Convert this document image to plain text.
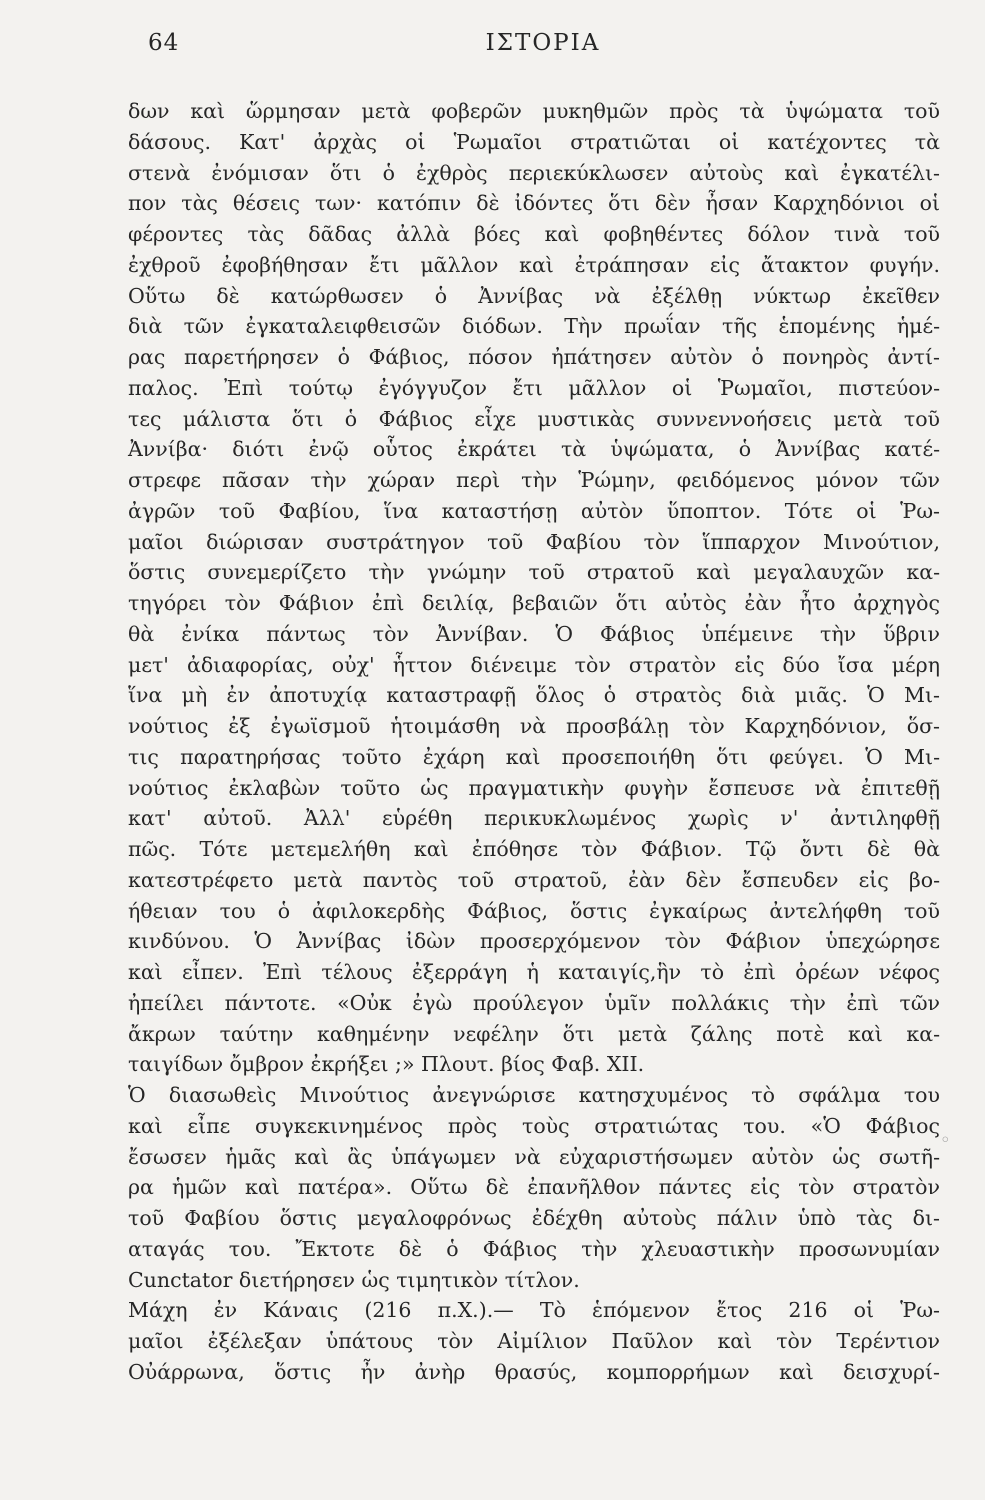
64	ΙΣΤΟΡΙΑ
δων καὶ ὥρμησαν μετὰ φοβερῶν μυκηθμῶν πρὸς τὰ ὑψώματα τοῦ
δάσους. Κατ' ἀρχὰς οἱ Ῥωμαῖοι στρατιῶται οἱ κατέχοντες τὰ
στενὰ ἐνόμισαν ὅτι ὁ ἐχθρὸς περιεκύκλωσεν αὐτοὺς καὶ ἐγκατέλι-
πον τὰς θέσεις των· κατόπιν δὲ ἰδόντες ὅτι δὲν ἦσαν Καρχηδόνιοι οἱ
φέροντες τὰς δᾶδας ἀλλὰ βόες καὶ φοβηθέντες δόλον τινὰ τοῦ
ἐχθροῦ ἐφοβήθησαν ἔτι μᾶλλον καὶ ἐτράπησαν εἰς ἄτακτον φυγήν.
Οὕτω δὲ κατώρθωσεν ὁ Ἀννίβας νὰ ἐξέλθῃ νύκτωρ ἐκεῖθεν
διὰ τῶν ἐγκαταλειφθεισῶν διόδων. Τὴν πρωΐαν τῆς ἑπομένης ἡμέ-
ρας παρετήρησεν ὁ Φάβιος, πόσον ἠπάτησεν αὐτὸν ὁ πονηρὸς ἀντί-
παλος. Ἐπὶ τούτῳ ἐγόγγυζον ἔτι μᾶλλον οἱ Ῥωμαῖοι, πιστεύον-
τες μάλιστα ὅτι ὁ Φάβιος εἶχε μυστικὰς συννεννοήσεις μετὰ τοῦ
Ἀννίβα· διότι ἐνῷ οὗτος ἐκράτει τὰ ὑψώματα, ὁ Ἀννίβας κατέ-
στρεφε πᾶσαν τὴν χώραν περὶ τὴν Ῥώμην, φειδόμενος μόνον τῶν
ἀγρῶν τοῦ Φαβίου, ἵνα καταστήσῃ αὐτὸν ὕποπτον. Τότε οἱ Ῥω-
μαῖοι διώρισαν συστράτηγον τοῦ Φαβίου τὸν ἵππαρχον Μινούτιον,
ὅστις συνεμερίζετο τὴν γνώμην τοῦ στρατοῦ καὶ μεγαλαυχῶν κα-
τηγόρει τὸν Φάβιον ἐπὶ δειλίᾳ, βεβαιῶν ὅτι αὐτὸς ἐὰν ἦτο ἀρχηγὸς
θὰ ἐνίκα πάντως τὸν Ἀννίβαν. Ὁ Φάβιος ὑπέμεινε τὴν ὕβριν
μετ' ἀδιαφορίας, οὐχ' ἧττον διένειμε τὸν στρατὸν εἰς δύο ἴσα μέρη
ἵνα μὴ ἐν ἀποτυχίᾳ καταστραφῇ ὅλος ὁ στρατὸς διὰ μιᾶς. Ὁ Μι-
νούτιος ἐξ ἐγωϊσμοῦ ἡτοιμάσθη νὰ προσβάλῃ τὸν Καρχηδόνιον, ὅσ-
τις παρατηρήσας τοῦτο ἐχάρη καὶ προσεποιήθη ὅτι φεύγει. Ὁ Μι-
νούτιος ἐκλαβὼν τοῦτο ὡς πραγματικὴν φυγὴν ἔσπευσε νὰ ἐπιτεθῇ
κατ' αὐτοῦ. Ἀλλ' εὑρέθη περικυκλωμένος χωρὶς ν' ἀντιληφθῇ
πῶς. Τότε μετεμελήθη καὶ ἐπόθησε τὸν Φάβιον. Τῷ ὄντι δὲ θὰ
κατεστρέφετο μετὰ παντὸς τοῦ στρατοῦ, ἐὰν δὲν ἔσπευδεν εἰς βο-
ήθειαν του ὁ ἀφιλοκερδὴς Φάβιος, ὅστις ἐγκαίρως ἀντελήφθη τοῦ
κινδύνου. Ὁ Ἀννίβας ἰδὼν προσερχόμενον τὸν Φάβιον ὑπεχώρησε
καὶ εἶπεν. Ἐπὶ τέλους ἐξερράγη ἡ καταιγίς,ἣν τὸ ἐπὶ ὀρέων νέφος
ἠπείλει πάντοτε. «Οὐκ ἐγὼ προύλεγον ὑμῖν πολλάκις τὴν ἐπὶ τῶν
ἄκρων ταύτην καθημένην νεφέλην ὅτι μετὰ ζάλης ποτὲ καὶ κα-
ταιγίδων ὄμβρον ἐκρήξει ;» Πλουτ. βίος Φαβ. XII.
Ὁ διασωθεὶς Μινούτιος ἀνεγνώρισε κατησχυμένος τὸ σφάλμα του
καὶ εἶπε συγκεκινημένος πρὸς τοὺς στρατιώτας του. «Ὁ Φάβιος
ἔσωσεν ἡμᾶς καὶ ἂς ὑπάγωμεν νὰ εὐχαριστήσωμεν αὐτὸν ὡς σωτῆ-
ρα ἡμῶν καὶ πατέρα». Οὕτω δὲ ἐπανῆλθον πάντες εἰς τὸν στρατὸν
τοῦ Φαβίου ὅστις μεγαλοφρόνως ἐδέχθη αὐτοὺς πάλιν ὑπὸ τὰς δι-
αταγάς του. Ἔκτοτε δὲ ὁ Φάβιος τὴν χλευαστικὴν προσωνυμίαν
Cunctator διετήρησεν ὡς τιμητικὸν τίτλον.
Μάχη ἐν Κάναις (216 π.Χ.).— Τὸ ἑπόμενον ἔτος 216 οἱ Ῥω-
μαῖοι ἐξέλεξαν ὑπάτους τὸν Αἰμίλιον Παῦλον καὶ τὸν Τερέντιον
Οὐάρρωνα, ὅστις ἦν ἀνὴρ θρασύς, κομπορρήμων καὶ δεισχυρί-
◦
